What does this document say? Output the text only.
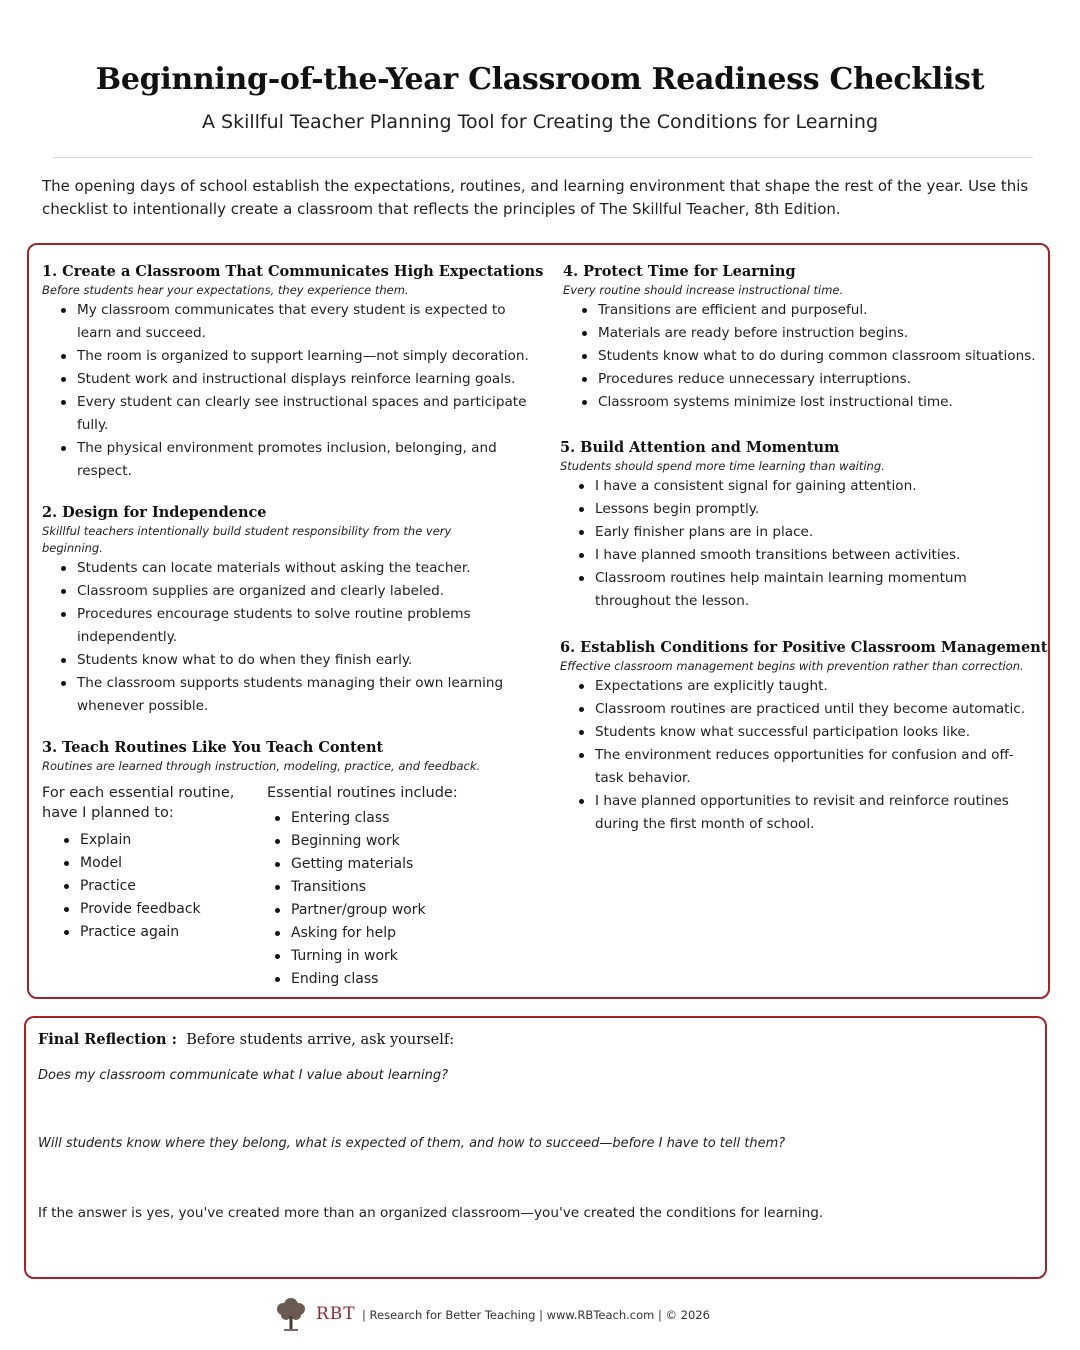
Beginning-of-the-Year Classroom Readiness Checklist
A Skillful Teacher Planning Tool for Creating the Conditions for Learning
The opening days of school establish the expectations, routines, and learning environment that shape the rest of the year. Use this checklist to intentionally create a classroom that reflects the principles of The Skillful Teacher, 8th Edition.
1. Create a Classroom That Communicates High Expectations
Before students hear your expectations, they experience them.
My classroom communicates that every student is expected to learn and succeed.
The room is organized to support learning—not simply decoration.
Student work and instructional displays reinforce learning goals.
Every student can clearly see instructional spaces and participate fully.
The physical environment promotes inclusion, belonging, and respect.
2. Design for Independence
Skillful teachers intentionally build student responsibility from the very beginning.
Students can locate materials without asking the teacher.
Classroom supplies are organized and clearly labeled.
Procedures encourage students to solve routine problems independently.
Students know what to do when they finish early.
The classroom supports students managing their own learning whenever possible.
3. Teach Routines Like You Teach Content
Routines are learned through instruction, modeling, practice, and feedback.
For each essential routine, have I planned to:
Essential routines include:
Explain
Model
Practice
Provide feedback
Practice again
Entering class
Beginning work
Getting materials
Transitions
Partner/group work
Asking for help
Turning in work
Ending class
4. Protect Time for Learning
Every routine should increase instructional time.
Transitions are efficient and purposeful.
Materials are ready before instruction begins.
Students know what to do during common classroom situations.
Procedures reduce unnecessary interruptions.
Classroom systems minimize lost instructional time.
5. Build Attention and Momentum
Students should spend more time learning than waiting.
I have a consistent signal for gaining attention.
Lessons begin promptly.
Early finisher plans are in place.
I have planned smooth transitions between activities.
Classroom routines help maintain learning momentum throughout the lesson.
6. Establish Conditions for Positive Classroom Management
Effective classroom management begins with prevention rather than correction.
Expectations are explicitly taught.
Classroom routines are practiced until they become automatic.
Students know what successful participation looks like.
The environment reduces opportunities for confusion and off-task behavior.
I have planned opportunities to revisit and reinforce routines during the first month of school.
Final Reflection : Before students arrive, ask yourself:
Does my classroom communicate what I value about learning?
Will students know where they belong, what is expected of them, and how to succeed—before I have to tell them?
If the answer is yes, you've created more than an organized classroom—you've created the conditions for learning.
RBT | Research for Better Teaching | www.RBTeach.com | © 2026
